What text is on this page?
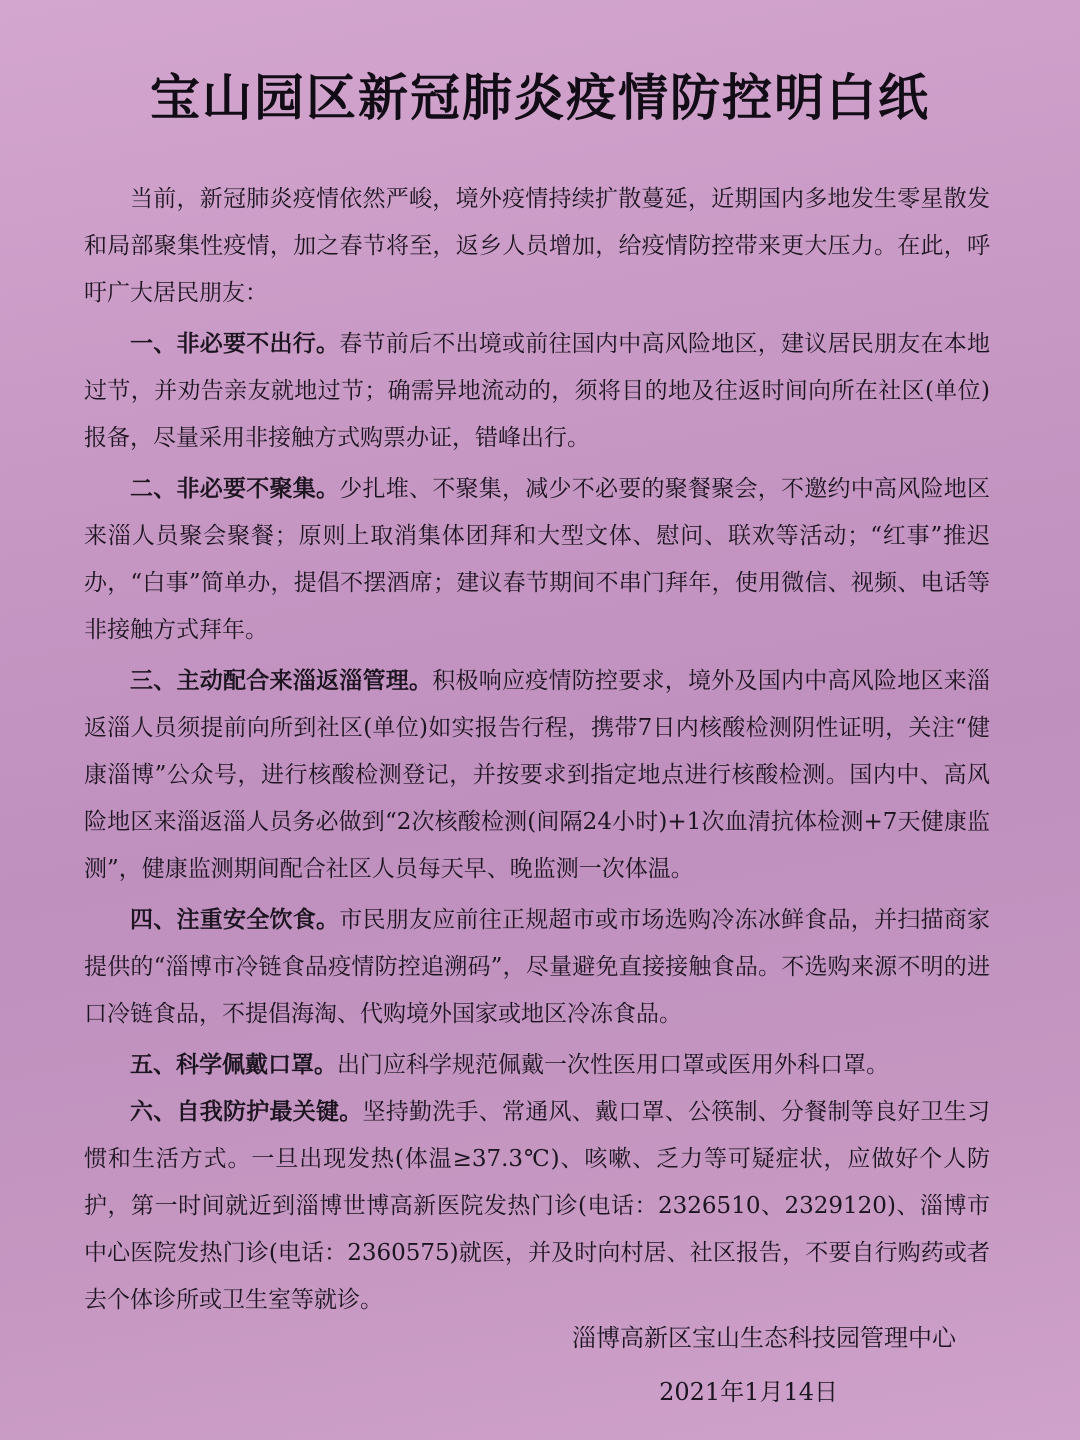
宝山园区新冠肺炎疫情防控明白纸

当前，新冠肺炎疫情依然严峻，境外疫情持续扩散蔓延，近期国内多地发生零星散发和局部聚集性疫情，加之春节将至，返乡人员增加，给疫情防控带来更大压力。在此，呼吁广大居民朋友：

一、非必要不出行。春节前后不出境或前往国内中高风险地区，建议居民朋友在本地过节，并劝告亲友就地过节；确需异地流动的，须将目的地及往返时间向所在社区(单位)报备，尽量采用非接触方式购票办证，错峰出行。

二、非必要不聚集。少扎堆、不聚集，减少不必要的聚餐聚会，不邀约中高风险地区来淄人员聚会聚餐；原则上取消集体团拜和大型文体、慰问、联欢等活动；“红事”推迟办，“白事”简单办，提倡不摆酒席；建议春节期间不串门拜年，使用微信、视频、电话等非接触方式拜年。

三、主动配合来淄返淄管理。积极响应疫情防控要求，境外及国内中高风险地区来淄返淄人员须提前向所到社区(单位)如实报告行程，携带7日内核酸检测阴性证明，关注“健康淄博”公众号，进行核酸检测登记，并按要求到指定地点进行核酸检测。国内中、高风险地区来淄返淄人员务必做到“2次核酸检测(间隔24小时)+1次血清抗体检测+7天健康监测”，健康监测期间配合社区人员每天早、晚监测一次体温。

四、注重安全饮食。市民朋友应前往正规超市或市场选购冷冻冰鲜食品，并扫描商家提供的“淄博市冷链食品疫情防控追溯码”，尽量避免直接接触食品。不选购来源不明的进口冷链食品，不提倡海淘、代购境外国家或地区冷冻食品。

五、科学佩戴口罩。出门应科学规范佩戴一次性医用口罩或医用外科口罩。

六、自我防护最关键。坚持勤洗手、常通风、戴口罩、公筷制、分餐制等良好卫生习惯和生活方式。一旦出现发热(体温≥37.3℃)、咳嗽、乏力等可疑症状，应做好个人防护，第一时间就近到淄博世博高新医院发热门诊(电话：2326510、2329120)、淄博市中心医院发热门诊(电话：2360575)就医，并及时向村居、社区报告，不要自行购药或者去个体诊所或卫生室等就诊。

淄博高新区宝山生态科技园管理中心

2021年1月14日
